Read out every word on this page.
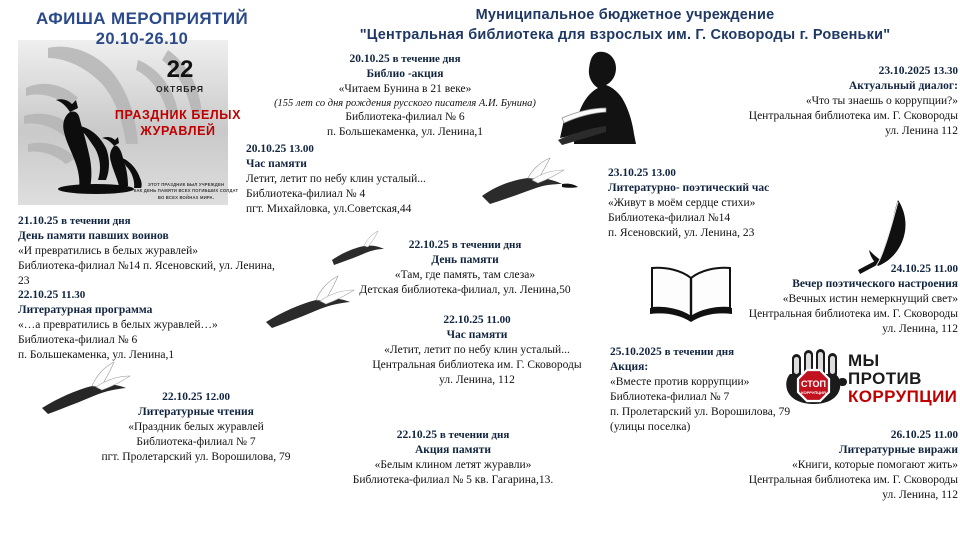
Муниципальное бюджетное учреждение
"Центральная библиотека для взрослых им. Г. Сковороды г. Ровеньки"
АФИША МЕРОПРИЯТИЙ
20.10-26.10
22
ОКТЯБРЯ
ПРАЗДНИК БЕЛЫХ
ЖУРАВЛЕЙ
ЭТОТ ПРАЗДНИК БЫЛ УЧРЕЖДЕН
КАК ДЕНЬ ПАМЯТИ ВСЕХ ПОГИБШИХ СОЛДАТ
ВО ВСЕХ ВОЙНАХ МИРА.
20.10.25 в течение дня
Библио -акция
«Читаем Бунина в 21 веке»
(155 лет со дня рождения русского писателя А.И. Бунина)
Библиотека-филиал № 6
п. Большекаменка, ул. Ленина,1
20.10.25 13.00
Час памяти
Летит, летит по небу клин усталый...
Библиотека-филиал № 4
пгт. Михайловка, ул.Советская,44
22.10.25 в течении дня
День памяти
«Там, где память, там слеза»
Детская библиотека-филиал, ул. Ленина,50
22.10.25 11.00
Час памяти
«Летит, летит по небу клин усталый...
Центральная библиотека им. Г. Сковороды
ул. Ленина, 112
22.10.25 в течении дня
Акция памяти
«Белым клином летят журавли»
Библиотека-филиал № 5 кв. Гагарина,13.
21.10.25 в течении дня
День памяти павших воинов
«И превратились в белых журавлей»
Библиотека-филиал №14 п. Ясеновский, ул. Ленина, 23
22.10.25 11.30
Литературная программа
«…а превратились в белых журавлей…»
Библиотека-филиал № 6
п. Большекаменка, ул. Ленина,1
22.10.25 12.00
Литературные чтения
«Праздник белых журавлей
Библиотека-филиал № 7
пгт. Пролетарский ул. Ворошилова, 79
23.10.2025 13.30
Актуальный диалог:
«Что ты знаешь о коррупции?»
Центральная библиотека им. Г. Сковороды
ул. Ленина 112
23.10.25 13.00
Литературно- поэтический час
«Живут в моём сердце стихи»
Библиотека-филиал №14
п. Ясеновский, ул. Ленина, 23
24.10.25 11.00
Вечер поэтического настроения
«Вечных истин немеркнущий свет»
Центральная библиотека им. Г. Сковороды
ул. Ленина, 112
25.10.2025 в течении дня
Акция:
«Вместе против коррупции»
Библиотека-филиал № 7
п. Пролетарский ул. Ворошилова, 79
(улицы поселка)
26.10.25 11.00
Литературные виражи
«Книги, которые помогают жить»
Центральная библиотека им. Г. Сковороды
ул. Ленина, 112
СТОП
КОРРУПЦИЯ
МЫ ПРОТИВ
КОРРУПЦИИ
